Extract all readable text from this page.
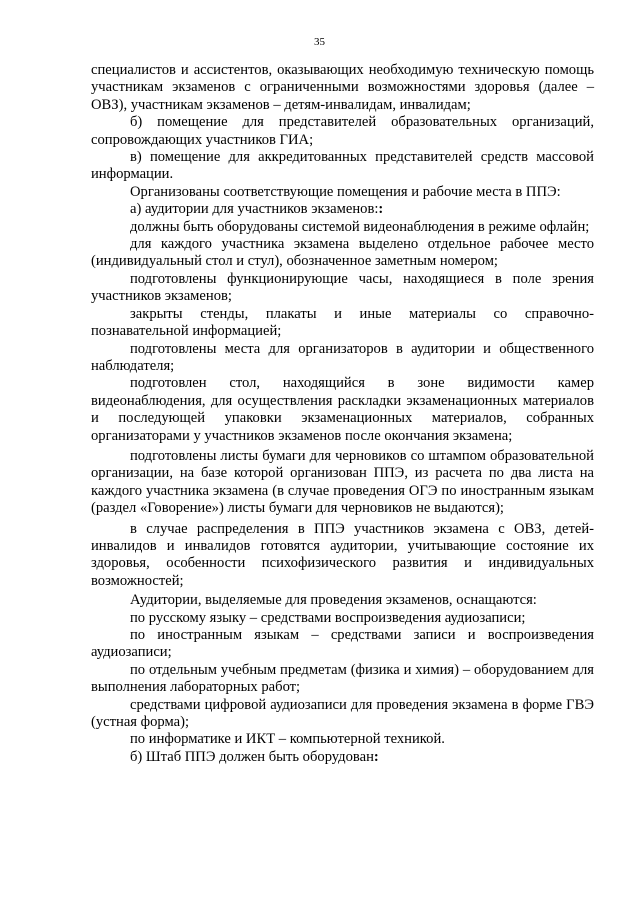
35

специалистов и ассистентов, оказывающих необходимую техническую помощь участникам экзаменов с ограниченными возможностями здоровья (далее – ОВЗ), участникам экзаменов – детям-инвалидам, инвалидам;

б) помещение для представителей образовательных организаций, сопровождающих участников ГИА;

в) помещение для аккредитованных представителей средств массовой информации.

Организованы соответствующие помещения и рабочие места в ППЭ:

а) аудитории для участников экзаменов::

должны быть оборудованы системой видеонаблюдения в режиме офлайн;

для каждого участника экзамена выделено отдельное рабочее место (индивидуальный стол и стул), обозначенное заметным номером;

подготовлены функционирующие часы, находящиеся в поле зрения участников экзаменов;

закрыты стенды, плакаты и иные материалы со справочно-познавательной информацией;

подготовлены места для организаторов в аудитории и общественного наблюдателя;

подготовлен стол, находящийся в зоне видимости камер видеонаблюдения, для осуществления раскладки экзаменационных материалов и последующей упаковки экзаменационных материалов, собранных организаторами у участников экзаменов после окончания экзамена;

подготовлены листы бумаги для черновиков со штампом образовательной организации, на базе которой организован ППЭ, из расчета по два листа на каждого участника экзамена (в случае проведения ОГЭ по иностранным языкам (раздел «Говорение») листы бумаги для черновиков не выдаются);

в случае распределения в ППЭ участников экзамена с ОВЗ, детей-инвалидов и инвалидов готовятся аудитории, учитывающие состояние их здоровья, особенности психофизического развития и индивидуальных возможностей;

Аудитории, выделяемые для проведения экзаменов, оснащаются:

по русскому языку – средствами воспроизведения аудиозаписи;

по иностранным языкам – средствами записи и воспроизведения аудиозаписи;

по отдельным учебным предметам (физика и химия) – оборудованием для выполнения лабораторных работ;

средствами цифровой аудиозаписи для проведения экзамена в форме ГВЭ (устная форма);

по информатике и ИКТ – компьютерной техникой.

б) Штаб ППЭ должен быть оборудован:
